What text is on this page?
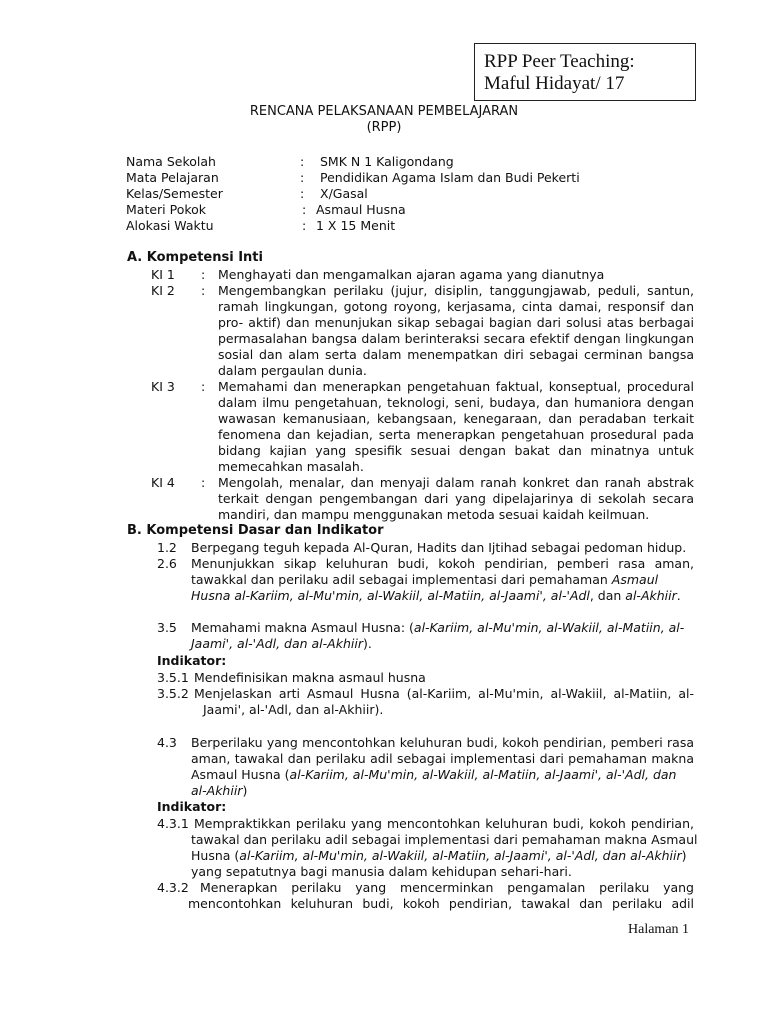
RPP Peer Teaching:
Maful Hidayat/ 17
RENCANA PELAKSANAAN PEMBELAJARAN
(RPP)
Nama Sekolah	: SMK N 1 Kaligondang
Mata Pelajaran	: Pendidikan Agama Islam dan Budi Pekerti
Kelas/Semester	: X/Gasal
Materi Pokok	: Asmaul Husna
Alokasi Waktu	: 1 X 15 Menit
A. Kompetensi Inti
KI 1 : Menghayati dan mengamalkan ajaran agama yang dianutnya
KI 2 : Mengembangkan perilaku (jujur, disiplin, tanggungjawab, peduli, santun,
ramah lingkungan, gotong royong, kerjasama, cinta damai, responsif dan
pro- aktif) dan menunjukan sikap sebagai bagian dari solusi atas berbagai
permasalahan bangsa dalam berinteraksi secara efektif dengan lingkungan
sosial dan alam serta dalam menempatkan diri sebagai cerminan bangsa
dalam pergaulan dunia.
KI 3 : Memahami dan menerapkan pengetahuan faktual, konseptual, procedural
dalam ilmu pengetahuan, teknologi, seni, budaya, dan humaniora dengan
wawasan kemanusiaan, kebangsaan, kenegaraan, dan peradaban terkait
fenomena dan kejadian, serta menerapkan pengetahuan prosedural pada
bidang kajian yang spesifik sesuai dengan bakat dan minatnya untuk
memecahkan masalah.
KI 4 : Mengolah, menalar, dan menyaji dalam ranah konkret dan ranah abstrak
terkait dengan pengembangan dari yang dipelajarinya di sekolah secara
mandiri, dan mampu menggunakan metoda sesuai kaidah keilmuan.
B. Kompetensi Dasar dan Indikator
1.2 Berpegang teguh kepada Al-Quran, Hadits dan Ijtihad sebagai pedoman hidup.
2.6 Menunjukkan sikap keluhuran budi, kokoh pendirian, pemberi rasa aman,
tawakkal dan perilaku adil sebagai implementasi dari pemahaman Asmaul
Husna al-Kariim, al-Mu'min, al-Wakiil, al-Matiin, al-Jaami', al-'Adl, dan al-Akhiir.
3.5 Memahami makna Asmaul Husna: (al-Kariim, al-Mu'min, al-Wakiil, al-Matiin, al-
Jaami', al-'Adl, dan al-Akhiir).
Indikator:
3.5.1 Mendefinisikan makna asmaul husna
3.5.2 Menjelaskan arti Asmaul Husna (al-Kariim, al-Mu'min, al-Wakiil, al-Matiin, al-
Jaami', al-'Adl, dan al-Akhiir).
4.3 Berperilaku yang mencontohkan keluhuran budi, kokoh pendirian, pemberi rasa
aman, tawakal dan perilaku adil sebagai implementasi dari pemahaman makna
Asmaul Husna (al-Kariim, al-Mu'min, al-Wakiil, al-Matiin, al-Jaami', al-'Adl, dan
al-Akhiir)
Indikator:
4.3.1 Mempraktikkan perilaku yang mencontohkan keluhuran budi, kokoh pendirian,
tawakal dan perilaku adil sebagai implementasi dari pemahaman makna Asmaul
Husna (al-Kariim, al-Mu'min, al-Wakiil, al-Matiin, al-Jaami', al-'Adl, dan al-Akhiir)
yang sepatutnya bagi manusia dalam kehidupan sehari-hari.
4.3.2 Menerapkan perilaku yang mencerminkan pengamalan perilaku yang
mencontohkan keluhuran budi, kokoh pendirian, tawakal dan perilaku adil
Halaman 1
